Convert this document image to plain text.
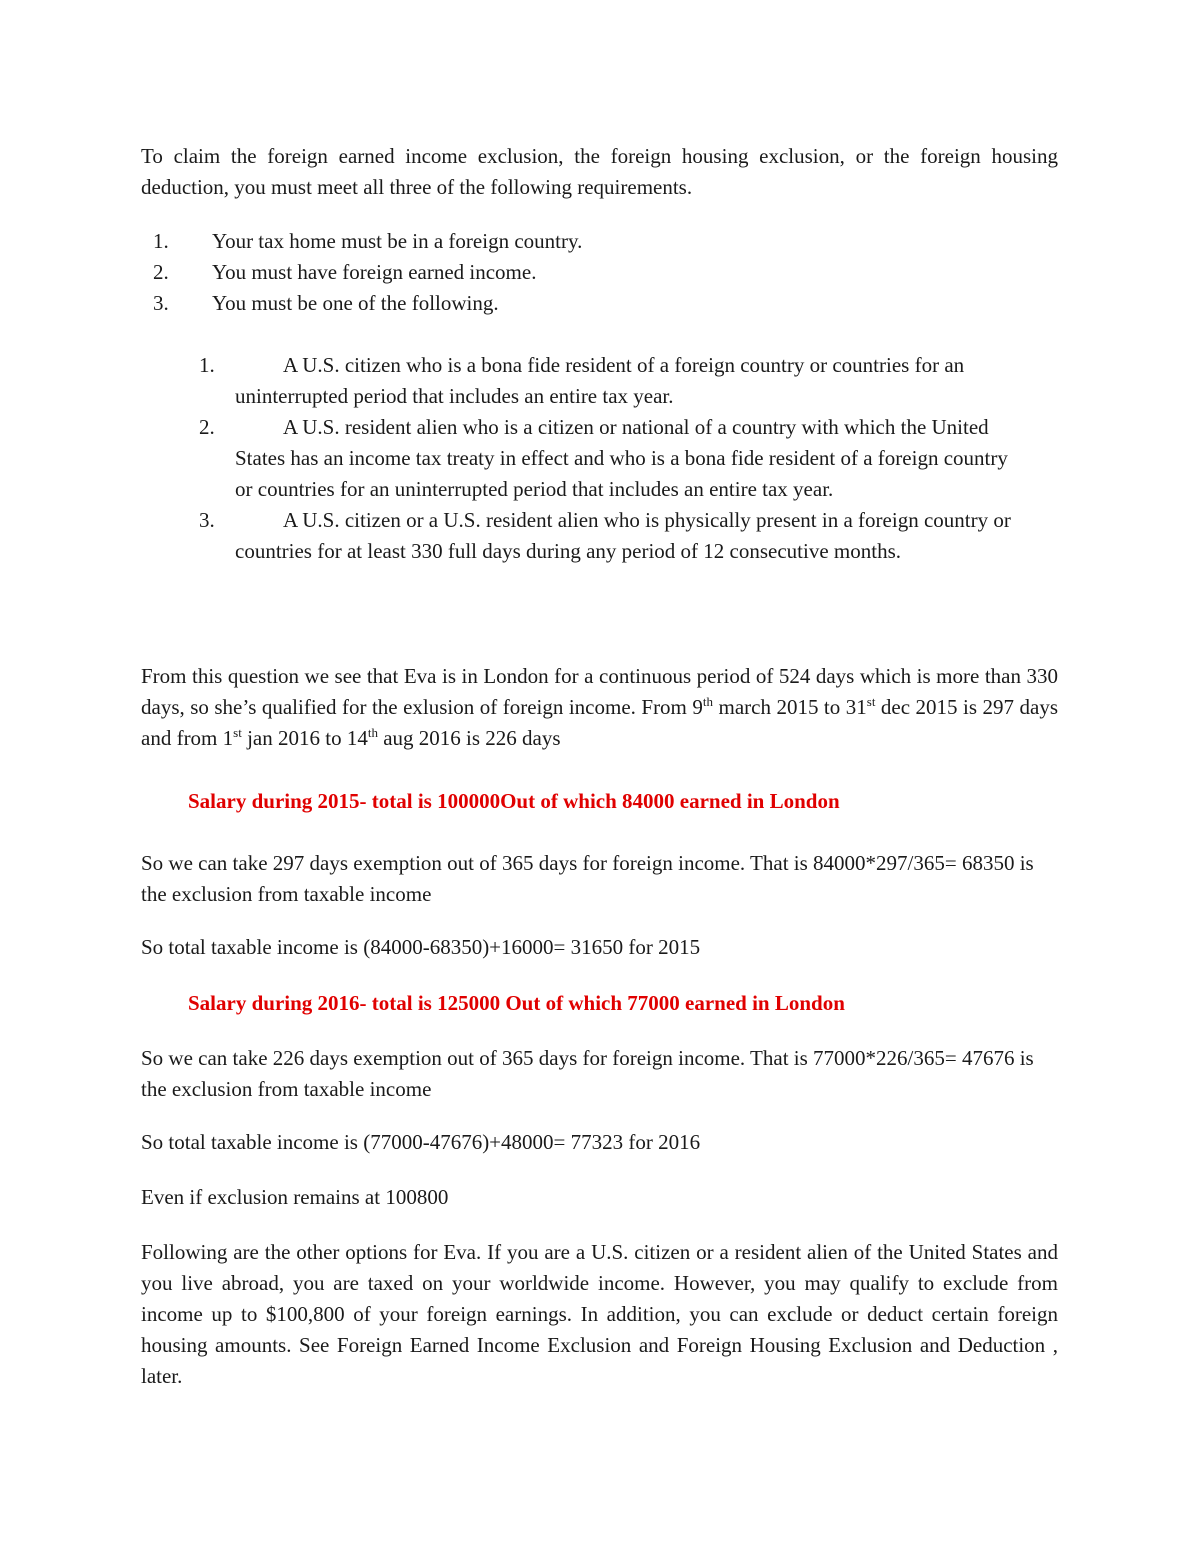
To claim the foreign earned income exclusion, the foreign housing exclusion, or the foreign housing deduction, you must meet all three of the following requirements.

1. Your tax home must be in a foreign country.
2. You must have foreign earned income.
3. You must be one of the following.
1.	A U.S. citizen who is a bona fide resident of a foreign country or countries for an uninterrupted period that includes an entire tax year.
2.	A U.S. resident alien who is a citizen or national of a country with which the United States has an income tax treaty in effect and who is a bona fide resident of a foreign country or countries for an uninterrupted period that includes an entire tax year.
3.	A U.S. citizen or a U.S. resident alien who is physically present in a foreign country or countries for at least 330 full days during any period of 12 consecutive months.

From this question we see that Eva is in London for a continuous period of 524 days which is more than 330 days, so she’s qualified for the exlusion of foreign income. From 9th march 2015 to 31st dec 2015 is 297 days and from 1st jan 2016 to 14th aug 2016 is 226 days

Salary during 2015- total is 100000Out of which 84000 earned in London

So we can take 297 days exemption out of 365 days for foreign income. That is 84000*297/365= 68350 is the exclusion from taxable income

So total taxable income is (84000-68350)+16000= 31650 for 2015

Salary during 2016- total is 125000 Out of which 77000 earned in London

So we can take 226 days exemption out of 365 days for foreign income. That is 77000*226/365= 47676 is the exclusion from taxable income

So total taxable income is (77000-47676)+48000= 77323 for 2016

Even if exclusion remains at 100800

Following are the other options for Eva. If you are a U.S. citizen or a resident alien of the United States and you live abroad, you are taxed on your worldwide income. However, you may qualify to exclude from income up to $100,800 of your foreign earnings. In addition, you can exclude or deduct certain foreign housing amounts. See Foreign Earned Income Exclusion and Foreign Housing Exclusion and Deduction , later.
